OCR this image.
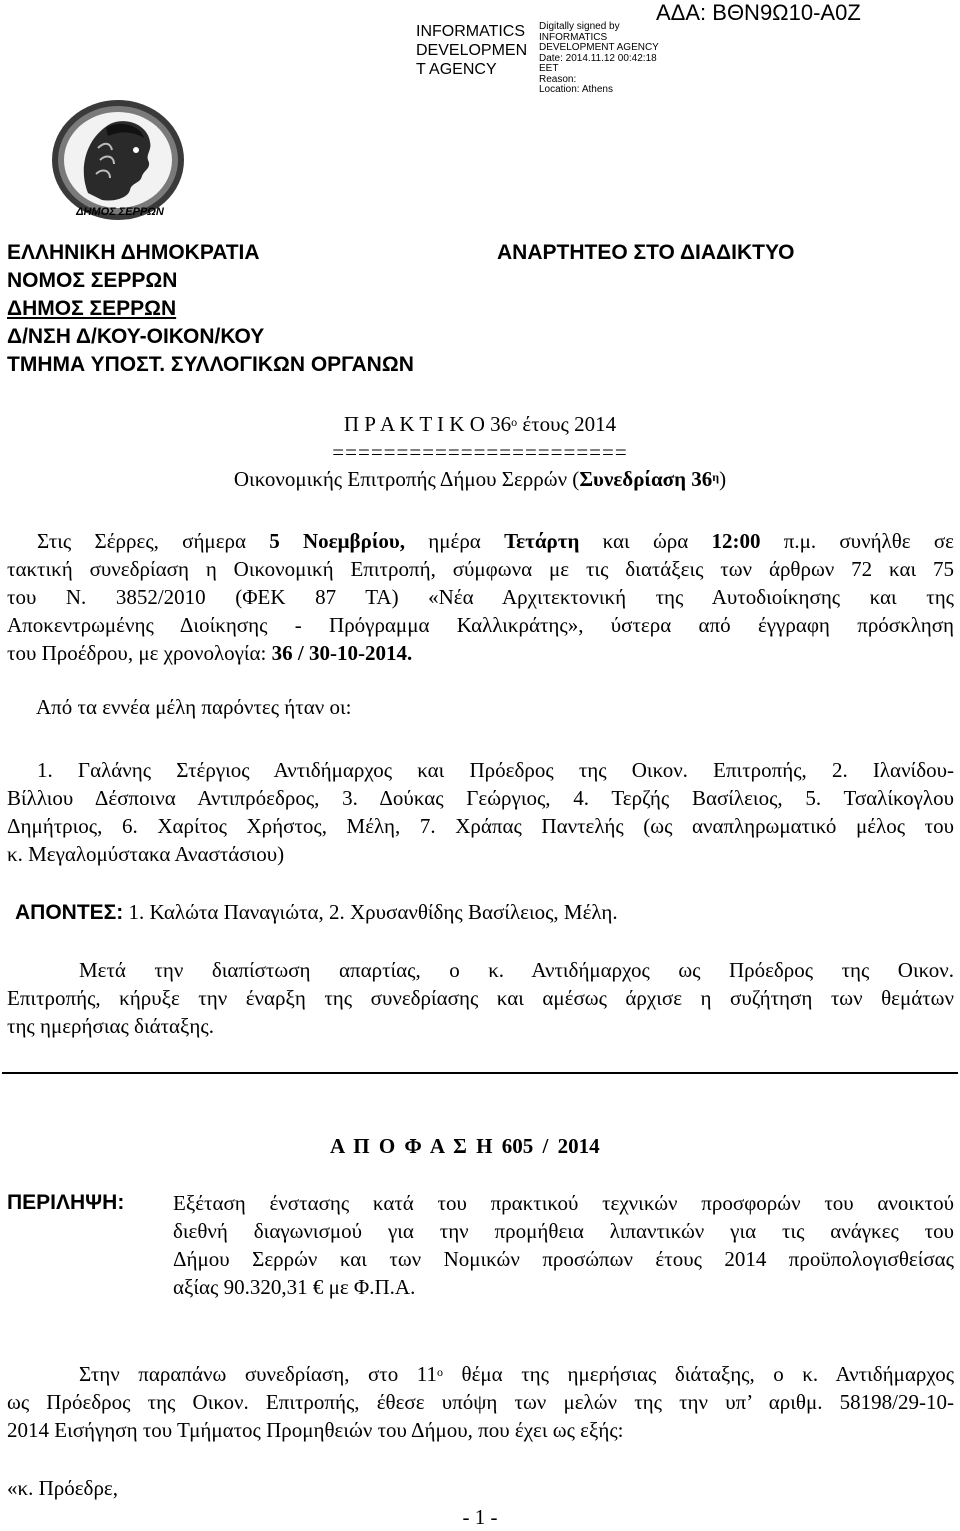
INFORMATICS
DEVELOPMEN
T AGENCY
Digitally signed by
INFORMATICS
DEVELOPMENT AGENCY
Date: 2014.11.12 00:42:18
EET
Reason:
Location: Athens
ΑΔΑ: ΒΘΝ9Ω10-Α0Ζ
ΔΗΜΟΣ ΣΕΡΡΩΝ
ΕΛΛΗΝΙΚΗ ΔΗΜΟΚΡΑΤΙΑ
ΝΟΜΟΣ ΣΕΡΡΩΝ
ΔΗΜΟΣ ΣΕΡΡΩΝ
Δ/ΝΣΗ Δ/ΚΟΥ-ΟΙΚΟΝ/ΚΟΥ
ΤΜΗΜΑ ΥΠΟΣΤ. ΣΥΛΛΟΓΙΚΩΝ ΟΡΓΑΝΩΝ
ΑΝΑΡΤΗΤΕΟ ΣΤΟ ΔΙΑΔΙΚΤΥΟ
Π Ρ Α Κ Τ Ι Κ Ο $36^o$ έτους 2014
=======================
Οικονομικής Επιτροπής Δήμου Σερρών (Συνεδρίαση $36^\eta$)
Στις Σέρρες, σήμερα 5 Νοεμβρίου, ημέρα Τετάρτη και ώρα 12:00 π.μ. συνήλθε σε
τακτική συνεδρίαση η Οικονομική Επιτροπή, σύμφωνα με τις διατάξεις των άρθρων 72 και 75
του Ν. 3852/2010 (ΦΕΚ 87 ΤΑ) «Νέα Αρχιτεκτονική της Αυτοδιοίκησης και της
Αποκεντρωμένης Διοίκησης - Πρόγραμμα Καλλικράτης», ύστερα από έγγραφη πρόσκληση
του Προέδρου, με χρονολογία: 36 / 30-10-2014.
Από τα εννέα μέλη παρόντες ήταν οι:
1. Γαλάνης Στέργιος Αντιδήμαρχος και Πρόεδρος της Οικον. Επιτροπής, 2. Ιλανίδου-
Βίλλιου Δέσποινα Αντιπρόεδρος, 3. Δούκας Γεώργιος, 4. Τερζής Βασίλειος, 5. Τσαλίκογλου
Δημήτριος, 6. Χαρίτος Χρήστος, Μέλη, 7. Χράπας Παντελής (ως αναπληρωματικό μέλος του
κ. Μεγαλομύστακα Αναστάσιου)
ΑΠΟΝΤΕΣ: 1. Καλώτα Παναγιώτα, 2. Χρυσανθίδης Βασίλειος, Μέλη.
Μετά την διαπίστωση απαρτίας, ο κ. Αντιδήμαρχος ως Πρόεδρος της Οικον.
Επιτροπής, κήρυξε την έναρξη της συνεδρίασης και αμέσως άρχισε η συζήτηση των θεμάτων
της ημερήσιας διάταξης.
Α Π Ο Φ Α Σ Η 605 / 2014
ΠΕΡΙΛΗΨΗ: Εξέταση ένστασης κατά του πρακτικού τεχνικών προσφορών του ανοικτού
διεθνή διαγωνισμού για την προμήθεια λιπαντικών για τις ανάγκες του
Δήμου Σερρών και των Νομικών προσώπων έτους 2014 προϋπολογισθείσας
αξίας 90.320,31 € με Φ.Π.Α.
Στην παραπάνω συνεδρίαση, στο $11^o$ θέμα της ημερήσιας διάταξης, ο κ. Αντιδήμαρχος
ως Πρόεδρος της Οικον. Επιτροπής, έθεσε υπόψη των μελών της την υπ’ αριθμ. 58198/29-10-
2014 Εισήγηση του Τμήματος Προμηθειών του Δήμου, που έχει ως εξής:
«κ. Πρόεδρε,
- 1 -
